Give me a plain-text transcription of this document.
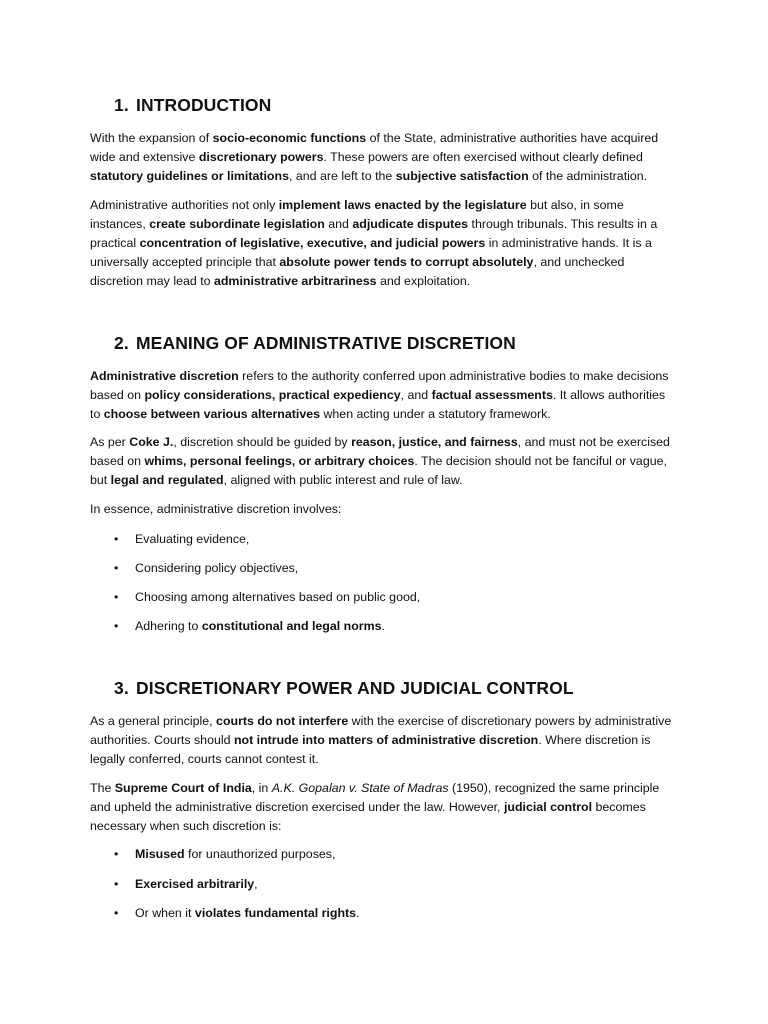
1. INTRODUCTION

With the expansion of socio-economic functions of the State, administrative authorities have acquired wide and extensive discretionary powers. These powers are often exercised without clearly defined statutory guidelines or limitations, and are left to the subjective satisfaction of the administration.

Administrative authorities not only implement laws enacted by the legislature but also, in some instances, create subordinate legislation and adjudicate disputes through tribunals. This results in a practical concentration of legislative, executive, and judicial powers in administrative hands. It is a universally accepted principle that absolute power tends to corrupt absolutely, and unchecked discretion may lead to administrative arbitrariness and exploitation.

2. MEANING OF ADMINISTRATIVE DISCRETION

Administrative discretion refers to the authority conferred upon administrative bodies to make decisions based on policy considerations, practical expediency, and factual assessments. It allows authorities to choose between various alternatives when acting under a statutory framework.

As per Coke J., discretion should be guided by reason, justice, and fairness, and must not be exercised based on whims, personal feelings, or arbitrary choices. The decision should not be fanciful or vague, but legal and regulated, aligned with public interest and rule of law.

In essence, administrative discretion involves:

• Evaluating evidence,
• Considering policy objectives,
• Choosing among alternatives based on public good,
• Adhering to constitutional and legal norms.
3. DISCRETIONARY POWER AND JUDICIAL CONTROL

As a general principle, courts do not interfere with the exercise of discretionary powers by administrative authorities. Courts should not intrude into matters of administrative discretion. Where discretion is legally conferred, courts cannot contest it.

The Supreme Court of India, in A.K. Gopalan v. State of Madras (1950), recognized the same principle and upheld the administrative discretion exercised under the law. However, judicial control becomes necessary when such discretion is:

• Misused for unauthorized purposes,
• Exercised arbitrarily,
• Or when it violates fundamental rights.
